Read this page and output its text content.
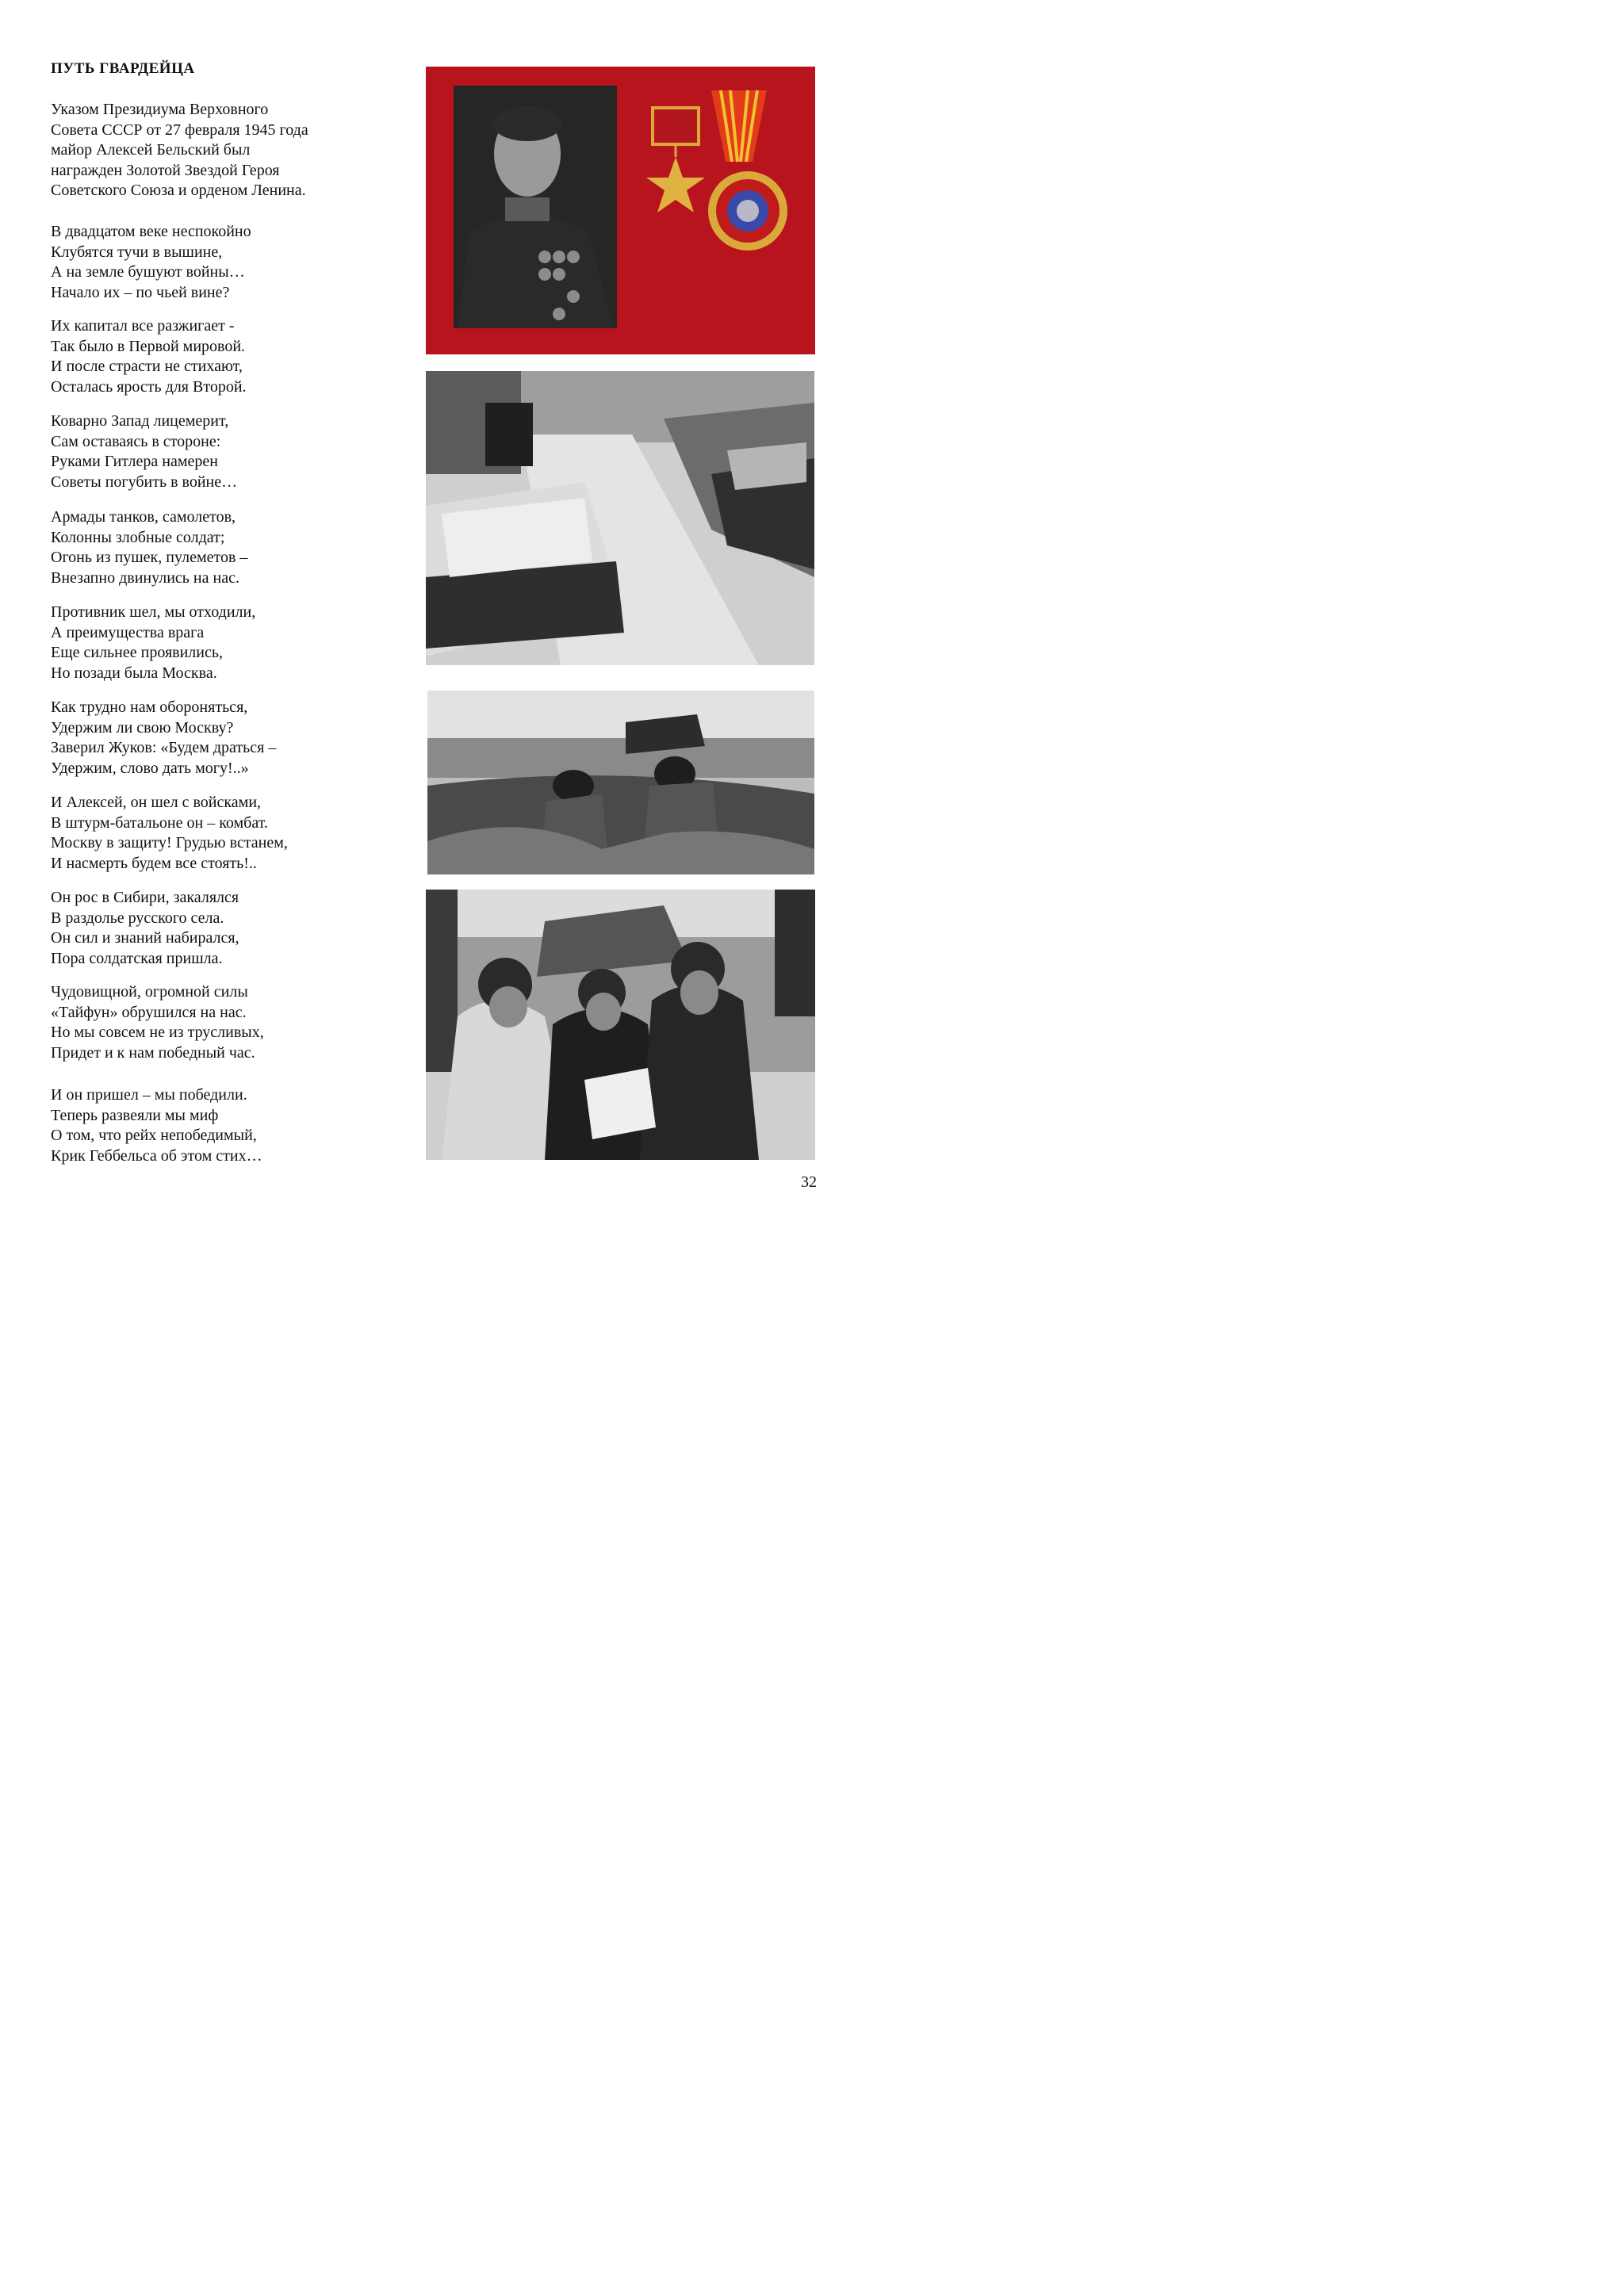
ПУТЬ ГВАРДЕЙЦА

Указом Президиума Верховного
Совета СССР от 27 февраля 1945 года
майор Алексей Бельский был
награжден Золотой Звездой Героя
Советского Союза и орденом Ленина.

В двадцатом веке неспокойно
Клубятся тучи в вышине,
А на земле бушуют войны…
Начало их – по чьей вине?

Их капитал все разжигает -
Так было в Первой мировой.
И после страсти не стихают,
Осталась ярость для Второй.

Коварно Запад лицемерит,
Сам оставаясь в стороне:
Руками Гитлера намерен
Советы погубить в войне…

Армады танков, самолетов,
Колонны злобные солдат;
Огонь из пушек, пулеметов –
Внезапно двинулись на нас.

Противник шел, мы отходили,
А преимущества врага
Еще сильнее проявились,
Но позади была Москва.

Как трудно нам обороняться,
Удержим ли свою Москву?
Заверил Жуков: «Будем драться –
Удержим, слово дать могу!..»

И Алексей, он шел с войсками,
В штурм-батальоне он – комбат.
Москву в защиту! Грудью встанем,
И насмерть будем все стоять!..

Он рос в Сибири, закалялся
В раздолье русского села.
Он сил и знаний набирался,
Пора солдатская пришла.

Чудовищной, огромной силы
«Тайфун» обрушился на нас.
Но мы совсем не из трусливых,
Придет и к нам победный час.

И он пришел – мы победили.
Теперь развеяли мы миф
О том, что рейх непобедимый,
Крик Геббельса об этом стих…

32
